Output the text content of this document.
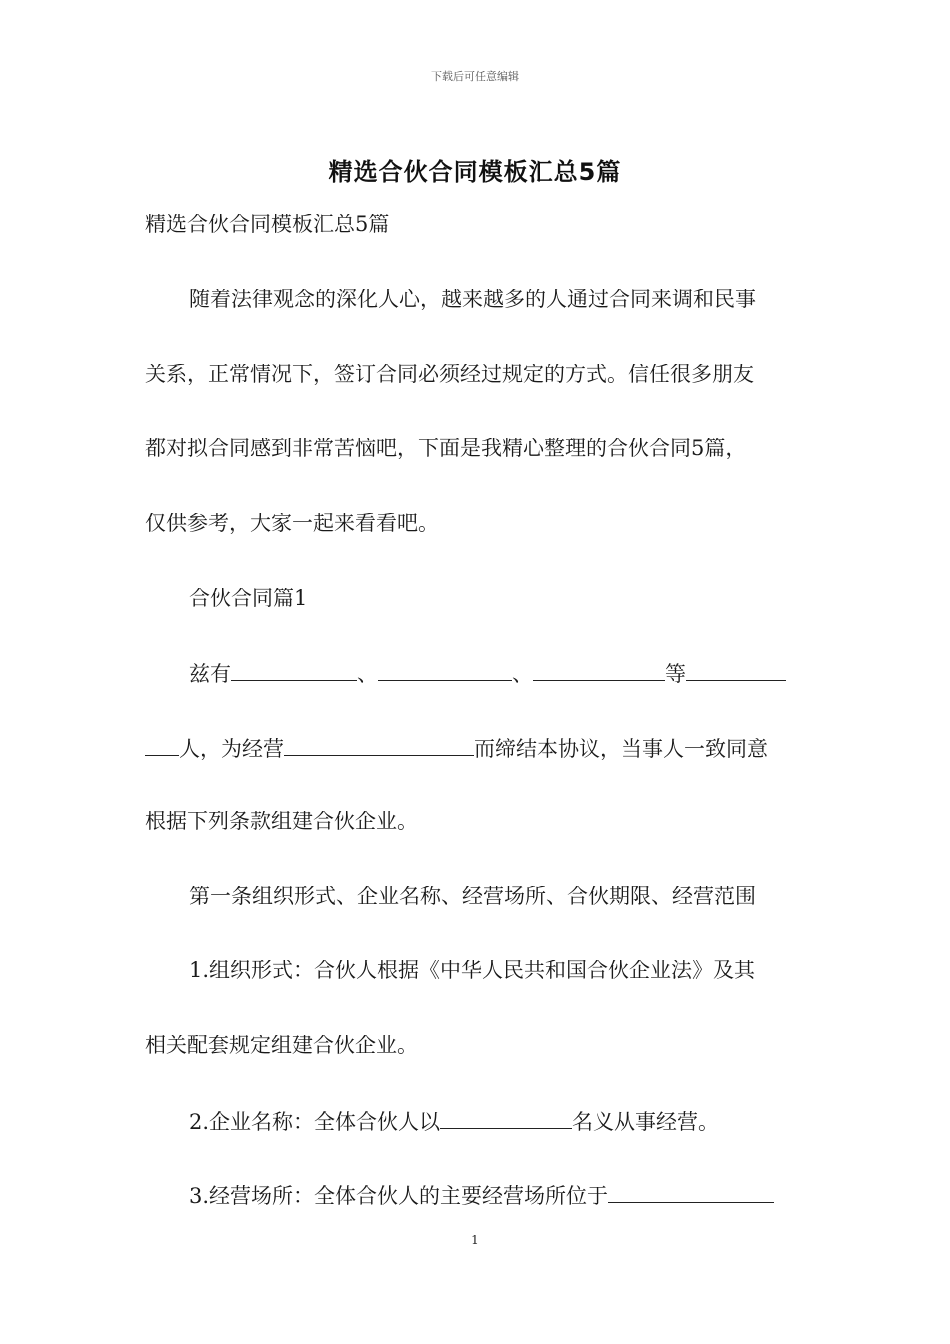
下载后可任意编辑
精选合伙合同模板汇总5篇
精选合伙合同模板汇总5篇
随着法律观念的深化人心，越来越多的人通过合同来调和民事
关系，正常情况下，签订合同必须经过规定的方式。信任很多朋友
都对拟合同感到非常苦恼吧，下面是我精心整理的合伙合同5篇，
仅供参考，大家一起来看看吧。
合伙合同篇1
兹有	、	、	等
人，为经营	而缔结本协议，当事人一致同意
根据下列条款组建合伙企业。
第一条组织形式、企业名称、经营场所、合伙期限、经营范围
1.组织形式：合伙人根据《中华人民共和国合伙企业法》及其
相关配套规定组建合伙企业。
2.企业名称：全体合伙人以	名义从事经营。
3.经营场所：全体合伙人的主要经营场所位于
1
